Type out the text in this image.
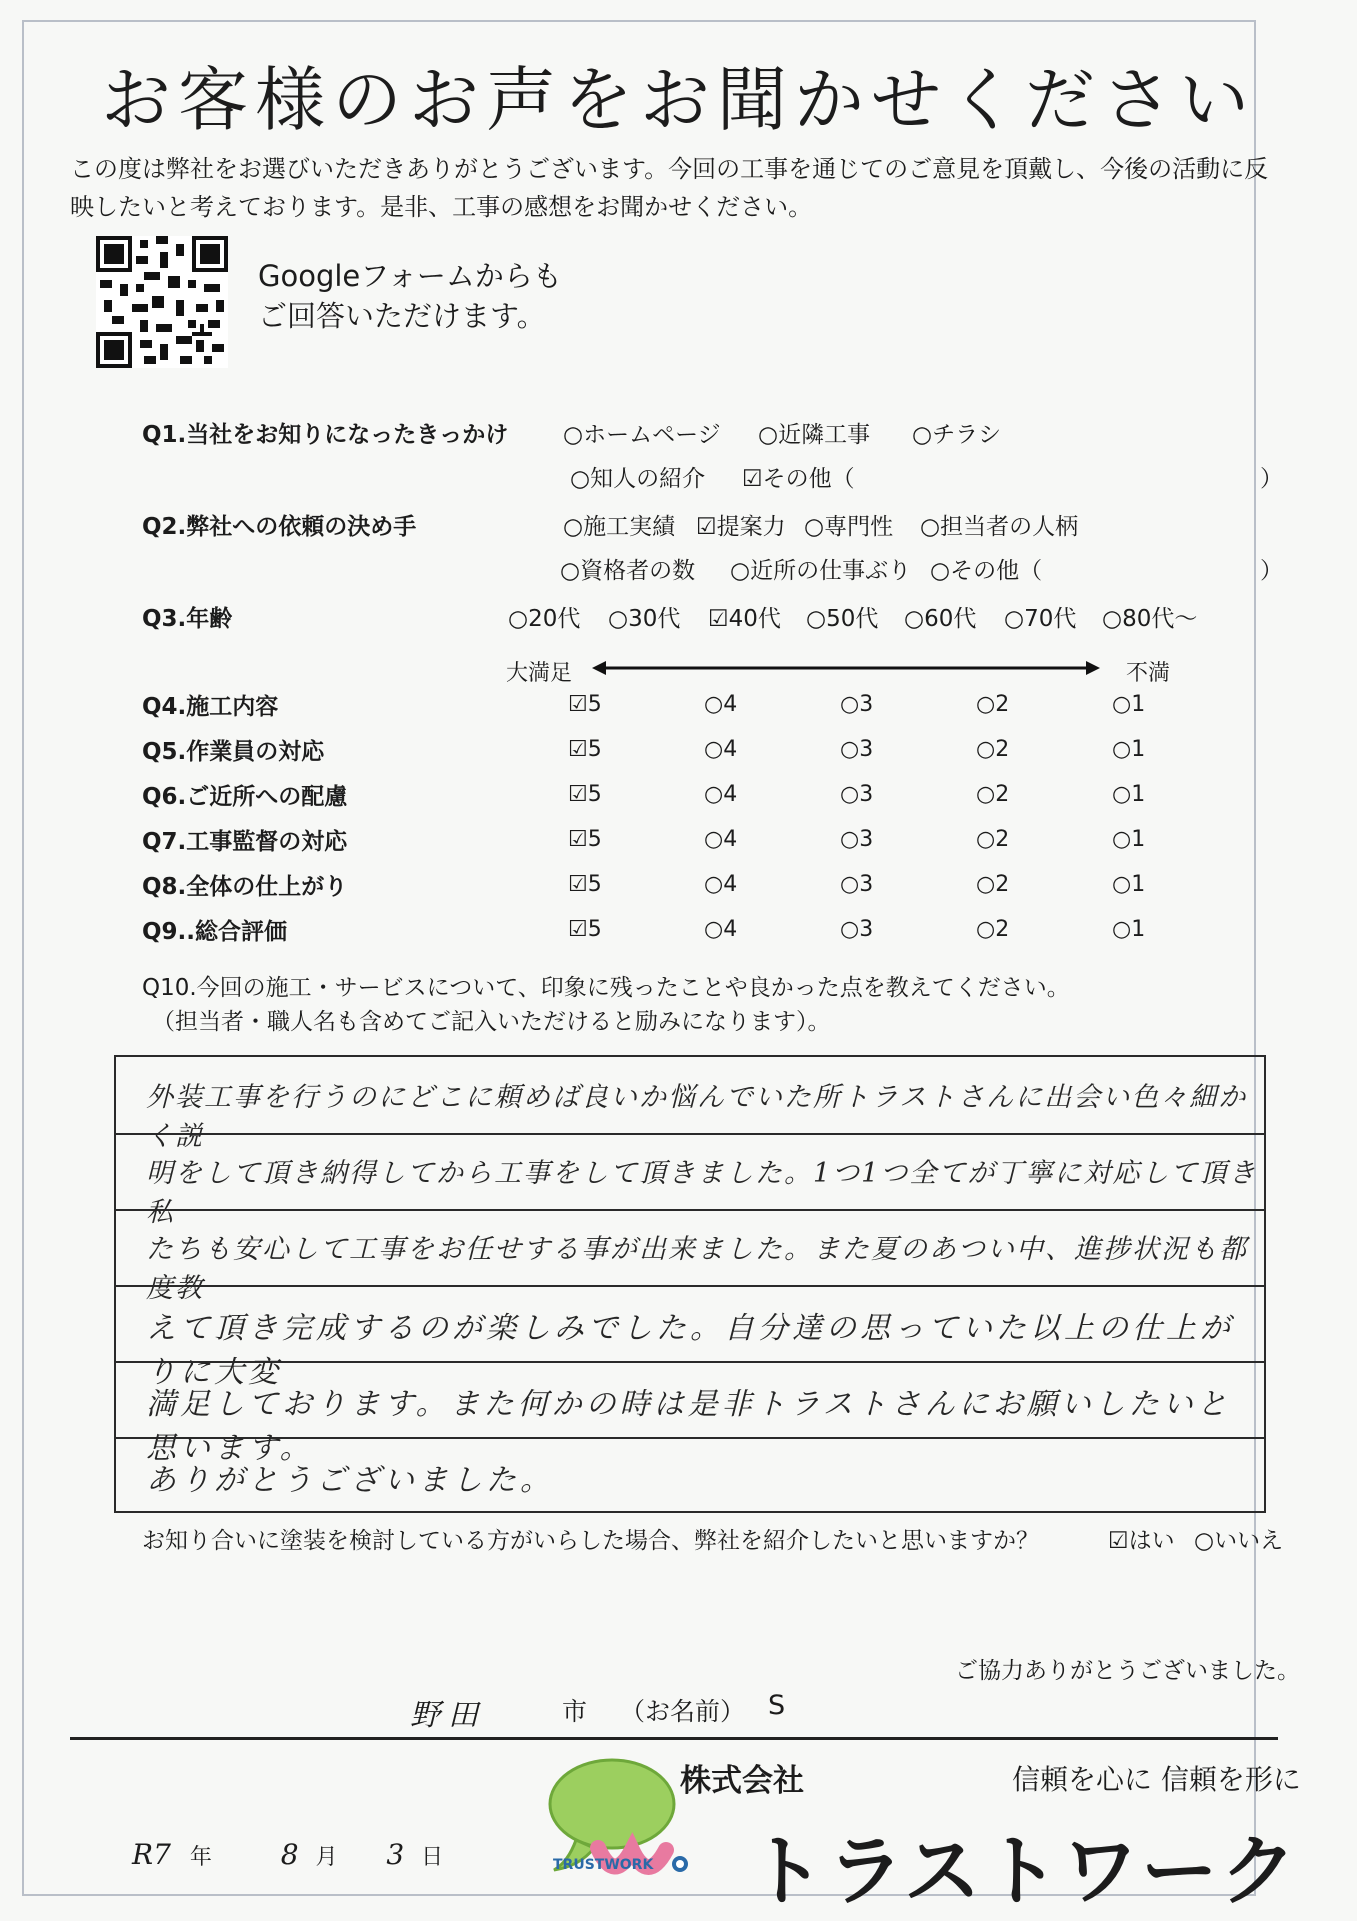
お客様のお声をお聞かせください
この度は弊社をお選びいただきありがとうございます。今回の工事を通じてのご意見を頂戴し、今後の活動に反映したいと考えております。是非、工事の感想をお聞かせください。
Googleフォームからも
ご回答いただけます。
Q1.当社をお知りになったきっかけ ○ホームページ ○近隣工事 ○チラシ
○知人の紹介 ☑その他（	）
Q2.弊社への依頼の決め手	○施工実績 ☑提案力 ○専門性 ○担当者の人柄
○資格者の数 ○近所の仕事ぶり ○その他（	）
Q3.年齢	○20代 ○30代 ☑40代 ○50代 ○60代 ○70代 ○80代～
大満足	不満
Q4.施工内容	☑5	○4	○3	○2	○1
Q5.作業員の対応	☑5	○4	○3	○2	○1
Q6.ご近所への配慮	☑5	○4	○3	○2	○1
Q7.工事監督の対応	☑5	○4	○3	○2	○1
Q8.全体の仕上がり	☑5	○4	○3	○2	○1
Q9..総合評価	☑5	○4	○3	○2	○1
Q10.今回の施工・サービスについて、印象に残ったことや良かった点を教えてください。
（担当者・職人名も含めてご記入いただけると励みになります）。
外装工事を行うのにどこに頼めば良いか悩んでいた所トラストさんに出会い色々細かく説
明をして頂き納得してから工事をして頂きました。1つ1つ全てが丁寧に対応して頂き私
たちも安心して工事をお任せする事が出来ました。また夏のあつい中、進捗状況も都度教
えて頂き完成するのが楽しみでした。自分達の思っていた以上の仕上がりに大変
満足しております。また何かの時は是非トラストさんにお願いしたいと思います。
ありがとうございました。
お知り合いに塗装を検討している方がいらした場合、弊社を紹介したいと思いますか？	☑はい ○いいえ
ご協力ありがとうございました。
野田	市 （お名前） S
TRUSTWORK
株式会社
トラストワーク
信頼を心に 信頼を形に
R7 年 8 月 3 日
